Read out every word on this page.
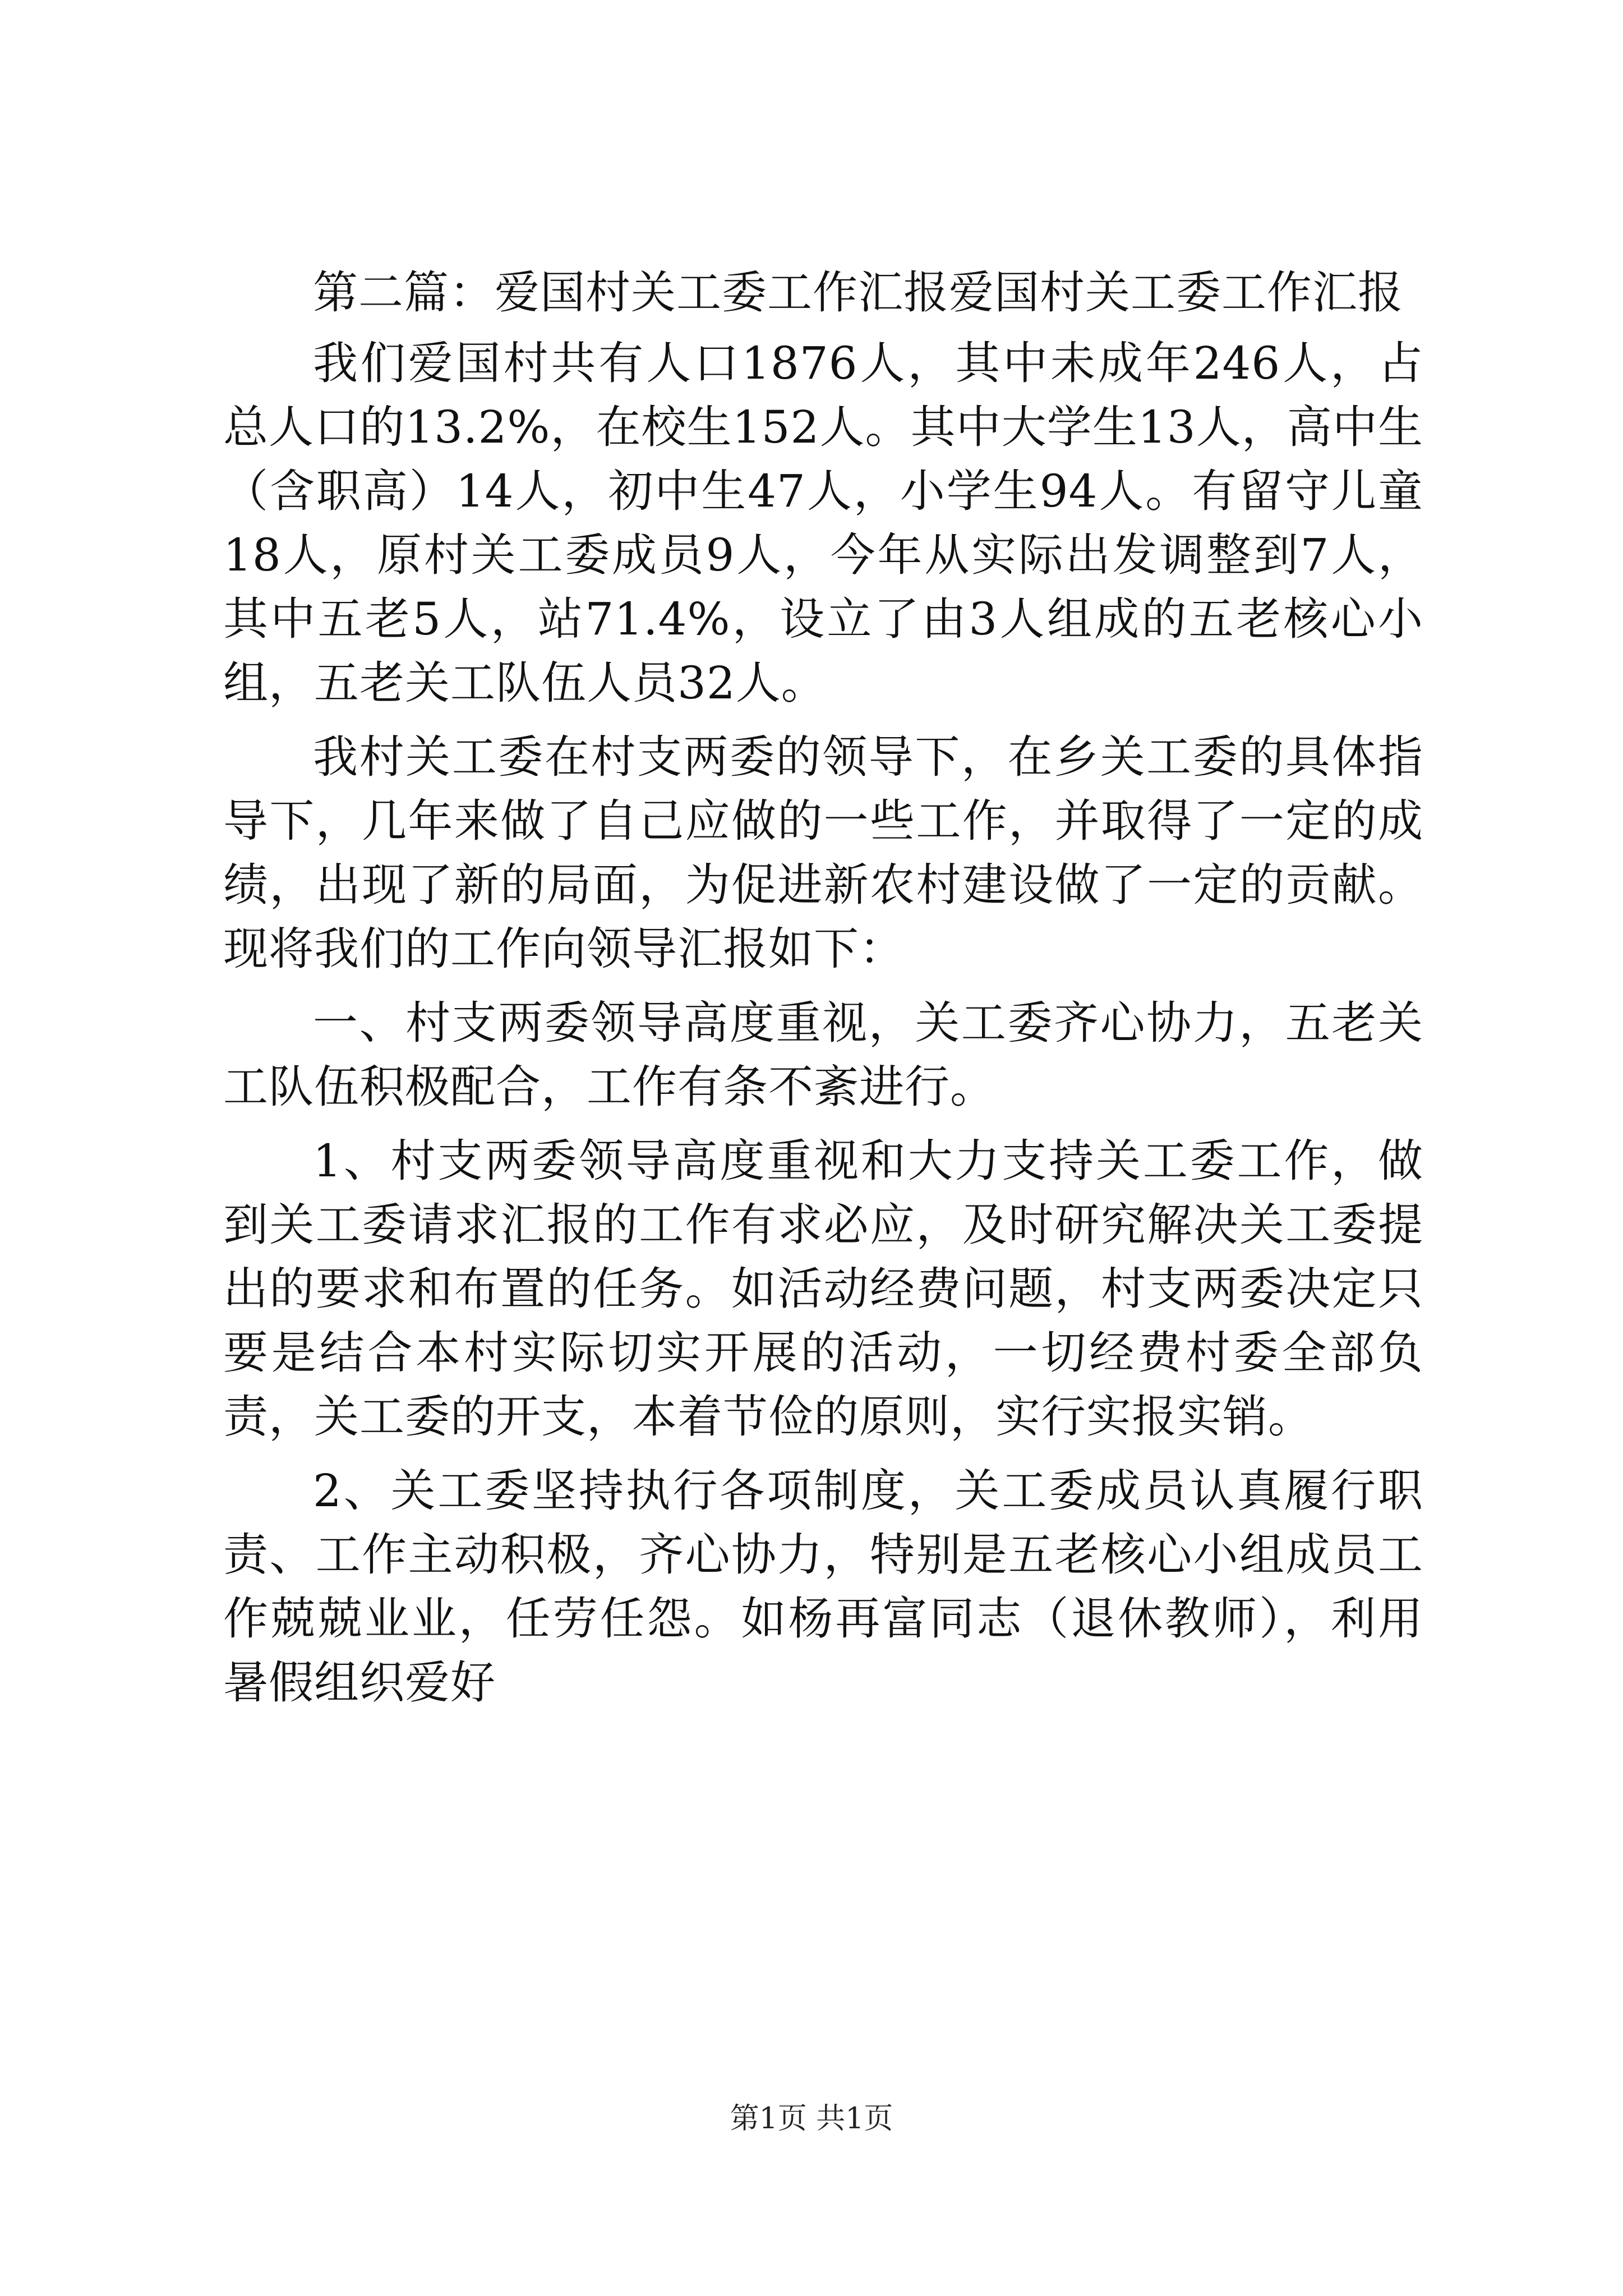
第二篇：爱国村关工委工作汇报爱国村关工委工作汇报

我们爱国村共有人口1876人，其中未成年246人，占总人口的13.2%，在校生152人。其中大学生13人，高中生（含职高）14人，初中生47人，小学生94人。有留守儿童18人，原村关工委成员9人，今年从实际出发调整到7人，其中五老5人，站71.4%，设立了由3人组成的五老核心小组，五老关工队伍人员32人。

我村关工委在村支两委的领导下，在乡关工委的具体指导下，几年来做了自己应做的一些工作，并取得了一定的成绩，出现了新的局面，为促进新农村建设做了一定的贡献。现将我们的工作向领导汇报如下：

一、村支两委领导高度重视，关工委齐心协力，五老关工队伍积极配合，工作有条不紊进行。

1、村支两委领导高度重视和大力支持关工委工作，做到关工委请求汇报的工作有求必应，及时研究解决关工委提出的要求和布置的任务。如活动经费问题，村支两委决定只要是结合本村实际切实开展的活动，一切经费村委全部负责，关工委的开支，本着节俭的原则，实行实报实销。

2、关工委坚持执行各项制度，关工委成员认真履行职责、工作主动积极，齐心协力，特别是五老核心小组成员工作兢兢业业，任劳任怨。如杨再富同志（退休教师），利用暑假组织爱好

第1页 共1页
